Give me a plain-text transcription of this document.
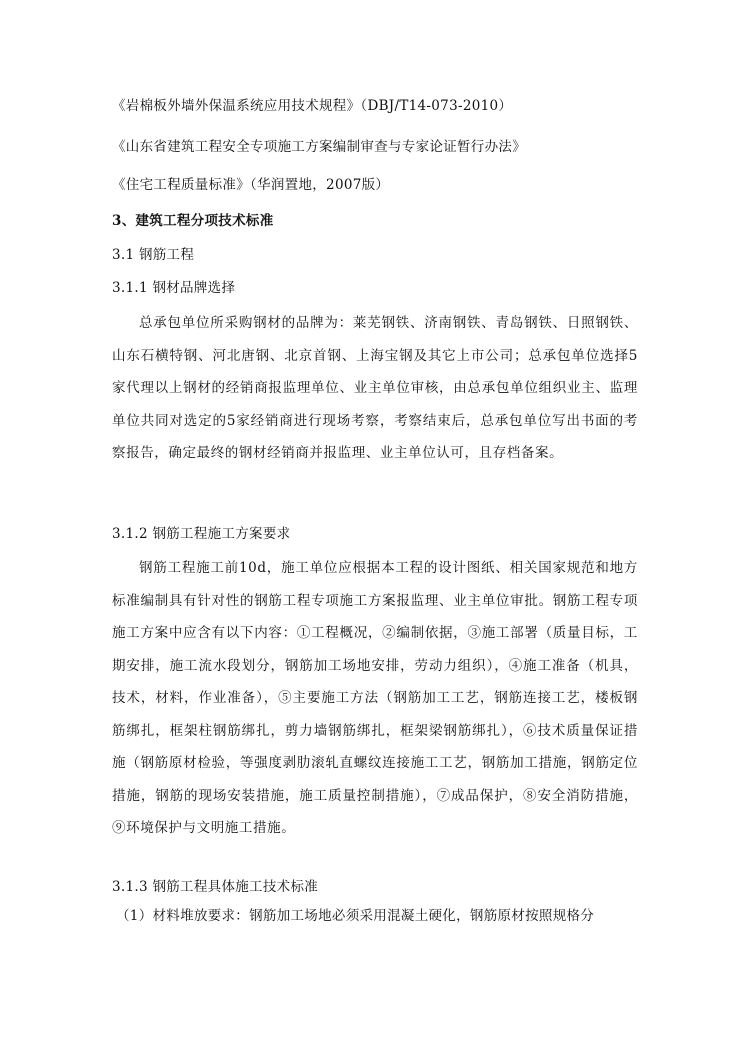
《岩棉板外墙外保温系统应用技术规程》（DBJ/T14-073-2010）
《山东省建筑工程安全专项施工方案编制审查与专家论证暂行办法》
《住宅工程质量标准》（华润置地，2007版）
3、建筑工程分项技术标准
3.1 钢筋工程
3.1.1 钢材品牌选择
总承包单位所采购钢材的品牌为：莱芜钢铁、济南钢铁、青岛钢铁、日照钢铁、山东石横特钢、河北唐钢、北京首钢、上海宝钢及其它上市公司；总承包单位选择5家代理以上钢材的经销商报监理单位、业主单位审核，由总承包单位组织业主、监理单位共同对选定的5家经销商进行现场考察，考察结束后，总承包单位写出书面的考察报告，确定最终的钢材经销商并报监理、业主单位认可，且存档备案。
3.1.2 钢筋工程施工方案要求
钢筋工程施工前10d，施工单位应根据本工程的设计图纸、相关国家规范和地方标准编制具有针对性的钢筋工程专项施工方案报监理、业主单位审批。钢筋工程专项施工方案中应含有以下内容：①工程概况，②编制依据，③施工部署（质量目标，工期安排，施工流水段划分，钢筋加工场地安排，劳动力组织），④施工准备（机具，技术，材料，作业准备），⑤主要施工方法（钢筋加工工艺，钢筋连接工艺，楼板钢筋绑扎，框架柱钢筋绑扎，剪力墙钢筋绑扎，框架梁钢筋绑扎），⑥技术质量保证措施（钢筋原材检验，等强度剥肋滚轧直螺纹连接施工工艺，钢筋加工措施，钢筋定位措施，钢筋的现场安装措施，施工质量控制措施），⑦成品保护，⑧安全消防措施，⑨环境保护与文明施工措施。
3.1.3 钢筋工程具体施工技术标准
（1）材料堆放要求：钢筋加工场地必须采用混凝土硬化，钢筋原材按照规格分
